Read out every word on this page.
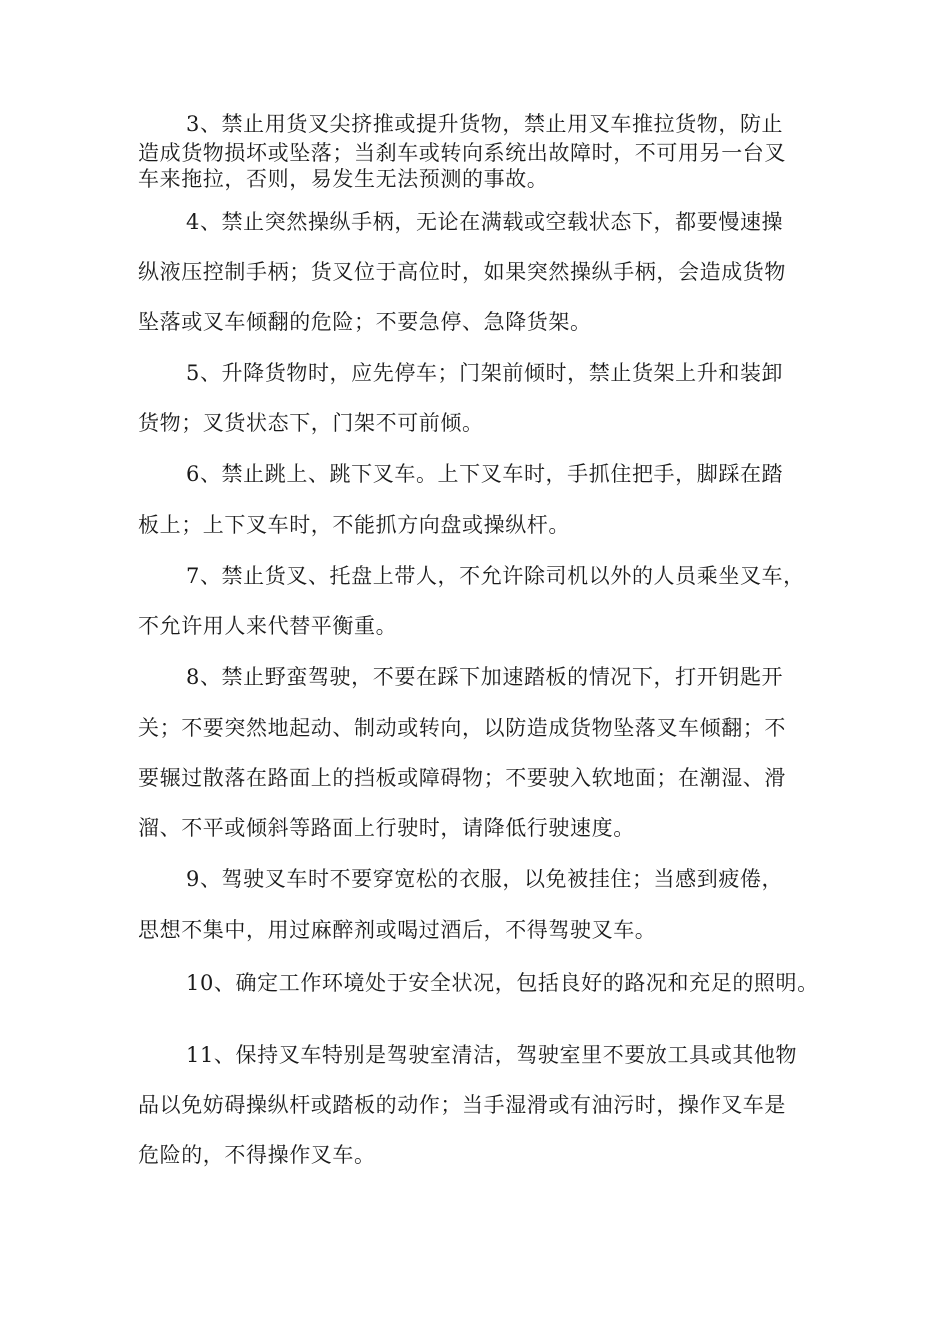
3、禁止用货叉尖挤推或提升货物，禁止用叉车推拉货物，防止
造成货物损坏或坠落；当刹车或转向系统出故障时，不可用另一台叉
车来拖拉，否则，易发生无法预测的事故。
4、禁止突然操纵手柄，无论在满载或空载状态下，都要慢速操
纵液压控制手柄；货叉位于高位时，如果突然操纵手柄，会造成货物
坠落或叉车倾翻的危险；不要急停、急降货架。
5、升降货物时，应先停车；门架前倾时，禁止货架上升和装卸
货物；叉货状态下，门架不可前倾。
6、禁止跳上、跳下叉车。上下叉车时，手抓住把手，脚踩在踏
板上；上下叉车时，不能抓方向盘或操纵杆。
7、禁止货叉、托盘上带人，不允许除司机以外的人员乘坐叉车，
不允许用人来代替平衡重。
8、禁止野蛮驾驶，不要在踩下加速踏板的情况下，打开钥匙开
关；不要突然地起动、制动或转向，以防造成货物坠落叉车倾翻；不
要辗过散落在路面上的挡板或障碍物；不要驶入软地面；在潮湿、滑
溜、不平或倾斜等路面上行驶时，请降低行驶速度。
9、驾驶叉车时不要穿宽松的衣服，以免被挂住；当感到疲倦，
思想不集中，用过麻醉剂或喝过酒后，不得驾驶叉车。
10、确定工作环境处于安全状况，包括良好的路况和充足的照明。
11、保持叉车特别是驾驶室清洁，驾驶室里不要放工具或其他物
品以免妨碍操纵杆或踏板的动作；当手湿滑或有油污时，操作叉车是
危险的，不得操作叉车。
